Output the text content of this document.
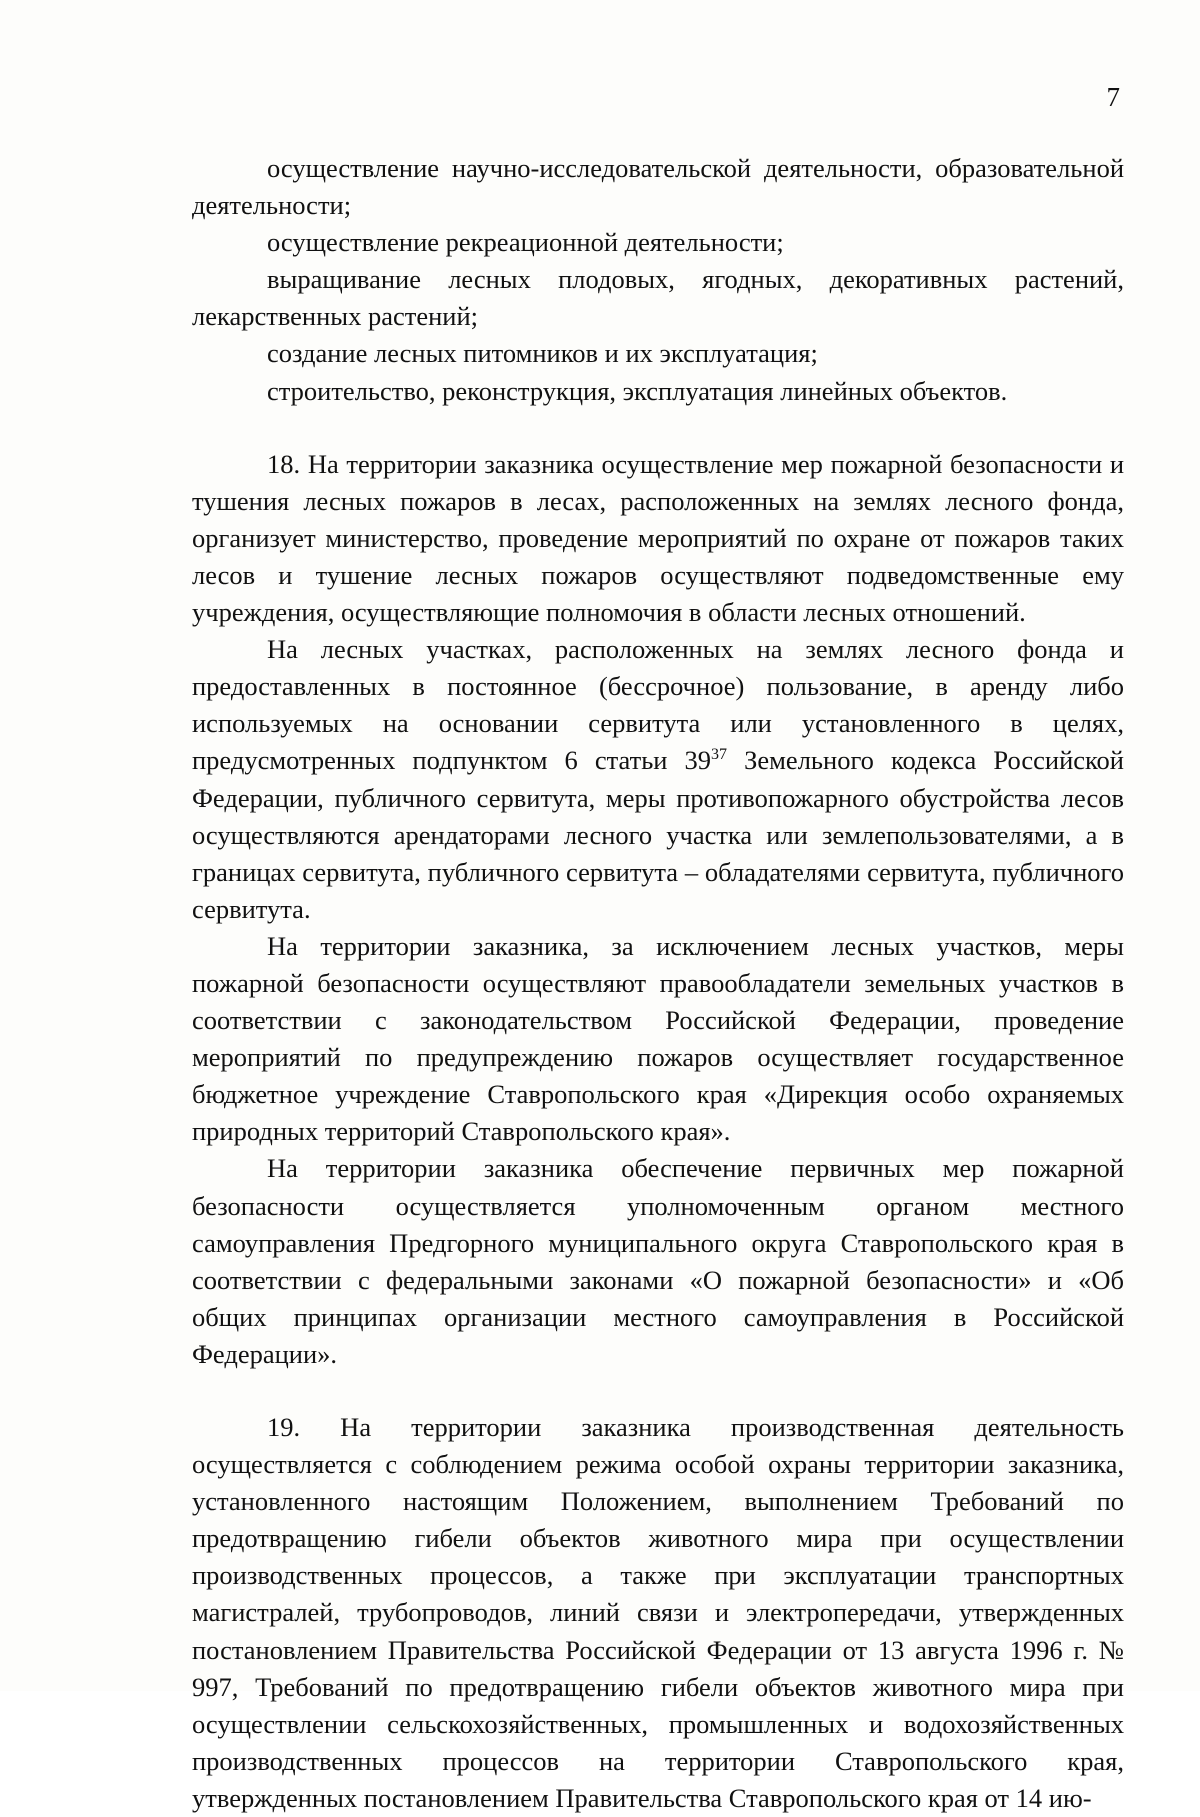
7

осуществление научно-исследовательской деятельности, образовательной деятельности;

осуществление рекреационной деятельности;

выращивание лесных плодовых, ягодных, декоративных растений, лекарственных растений;

создание лесных питомников и их эксплуатация;

строительство, реконструкция, эксплуатация линейных объектов.

18. На территории заказника осуществление мер пожарной безопасности и тушения лесных пожаров в лесах, расположенных на землях лесного фонда, организует министерство, проведение мероприятий по охране от пожаров таких лесов и тушение лесных пожаров осуществляют подведомственные ему учреждения, осуществляющие полномочия в области лесных отношений.

На лесных участках, расположенных на землях лесного фонда и предоставленных в постоянное (бессрочное) пользование, в аренду либо используемых на основании сервитута или установленного в целях, предусмотренных подпунктом 6 статьи $39^{37}$ Земельного кодекса Российской Федерации, публичного сервитута, меры противопожарного обустройства лесов осуществляются арендаторами лесного участка или землепользователями, а в границах сервитута, публичного сервитута – обладателями сервитута, публичного сервитута.

На территории заказника, за исключением лесных участков, меры пожарной безопасности осуществляют правообладатели земельных участков в соответствии с законодательством Российской Федерации, проведение мероприятий по предупреждению пожаров осуществляет государственное бюджетное учреждение Ставропольского края «Дирекция особо охраняемых природных территорий Ставропольского края».

На территории заказника обеспечение первичных мер пожарной безопасности осуществляется уполномоченным органом местного самоуправления Предгорного муниципального округа Ставропольского края в соответствии с федеральными законами «О пожарной безопасности» и «Об общих принципах организации местного самоуправления в Российской Федерации».

19. На территории заказника производственная деятельность осуществляется с соблюдением режима особой охраны территории заказника, установленного настоящим Положением, выполнением Требований по предотвращению гибели объектов животного мира при осуществлении производственных процессов, а также при эксплуатации транспортных магистралей, трубопроводов, линий связи и электропередачи, утвержденных постановлением Правительства Российской Федерации от 13 августа 1996 г. № 997, Требований по предотвращению гибели объектов животного мира при осуществлении сельскохозяйственных, промышленных и водохозяйственных производственных процессов на территории Ставропольского края, утвержденных постановлением Правительства Ставропольского края от 14 ию-
